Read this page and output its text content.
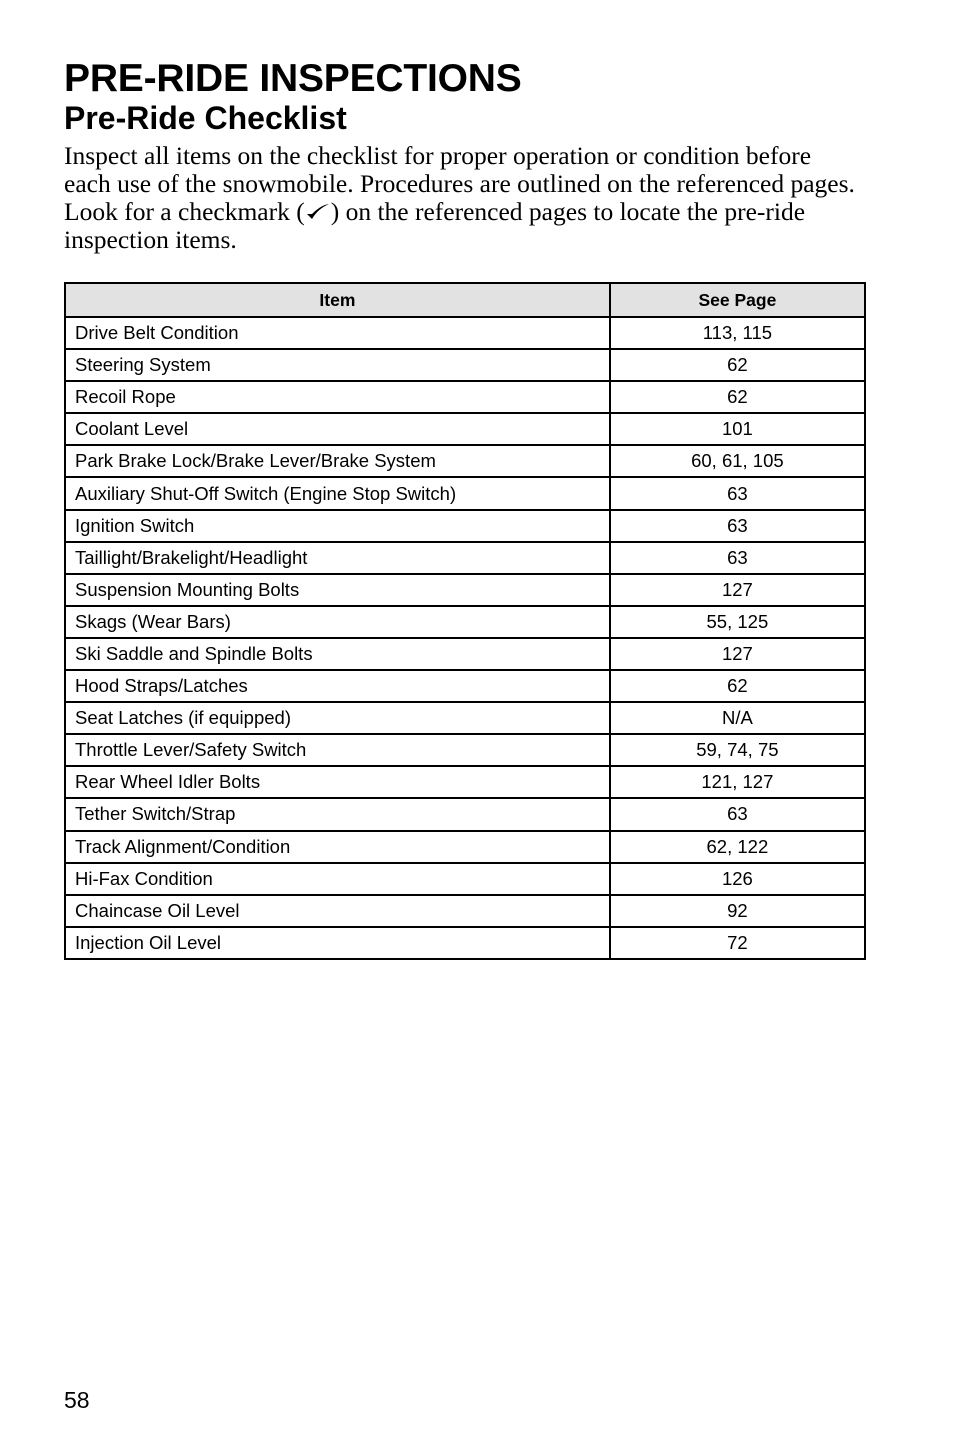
PRE-RIDE INSPECTIONS
Pre-Ride Checklist

Inspect all items on the checklist for proper operation or condition before each use of the snowmobile. Procedures are outlined on the referenced pages. Look for a checkmark ( ) on the referenced pages to locate the pre-ride inspection items.

Item	See Page
Drive Belt Condition	113, 115
Steering System	62
Recoil Rope	62
Coolant Level	101
Park Brake Lock/Brake Lever/Brake System	60, 61, 105
Auxiliary Shut-Off Switch (Engine Stop Switch)	63
Ignition Switch	63
Taillight/Brakelight/Headlight	63
Suspension Mounting Bolts	127
Skags (Wear Bars)	55, 125
Ski Saddle and Spindle Bolts	127
Hood Straps/Latches	62
Seat Latches (if equipped)	N/A
Throttle Lever/Safety Switch	59, 74, 75
Rear Wheel Idler Bolts	121, 127
Tether Switch/Strap	63
Track Alignment/Condition	62, 122
Hi-Fax Condition	126
Chaincase Oil Level	92
Injection Oil Level	72
58
